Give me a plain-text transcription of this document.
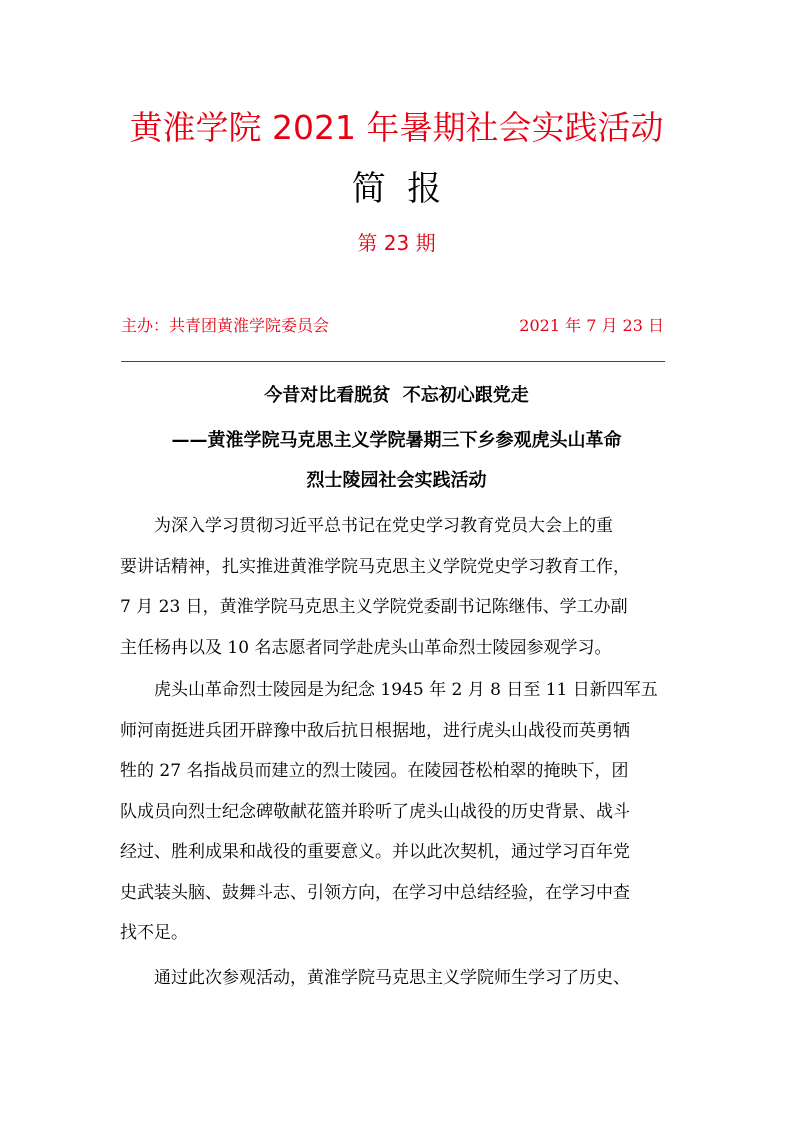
黄淮学院 2021 年暑期社会实践活动
简  报
第 23 期
主办：共青团黄淮学院委员会	2021 年 7 月 23 日
今昔对比看脱贫  不忘初心跟党走
——黄淮学院马克思主义学院暑期三下乡参观虎头山革命
烈士陵园社会实践活动
为深入学习贯彻习近平总书记在党史学习教育党员大会上的重
要讲话精神，扎实推进黄淮学院马克思主义学院党史学习教育工作，
7 月 23 日，黄淮学院马克思主义学院党委副书记陈继伟、学工办副
主任杨冉以及 10 名志愿者同学赴虎头山革命烈士陵园参观学习。
虎头山革命烈士陵园是为纪念 1945 年 2 月 8 日至 11 日新四军五
师河南挺进兵团开辟豫中敌后抗日根据地，进行虎头山战役而英勇牺
牲的 27 名指战员而建立的烈士陵园。在陵园苍松柏翠的掩映下，团
队成员向烈士纪念碑敬献花篮并聆听了虎头山战役的历史背景、战斗
经过、胜利成果和战役的重要意义。并以此次契机，通过学习百年党
史武装头脑、鼓舞斗志、引领方向，在学习中总结经验，在学习中查
找不足。
通过此次参观活动，黄淮学院马克思主义学院师生学习了历史、
